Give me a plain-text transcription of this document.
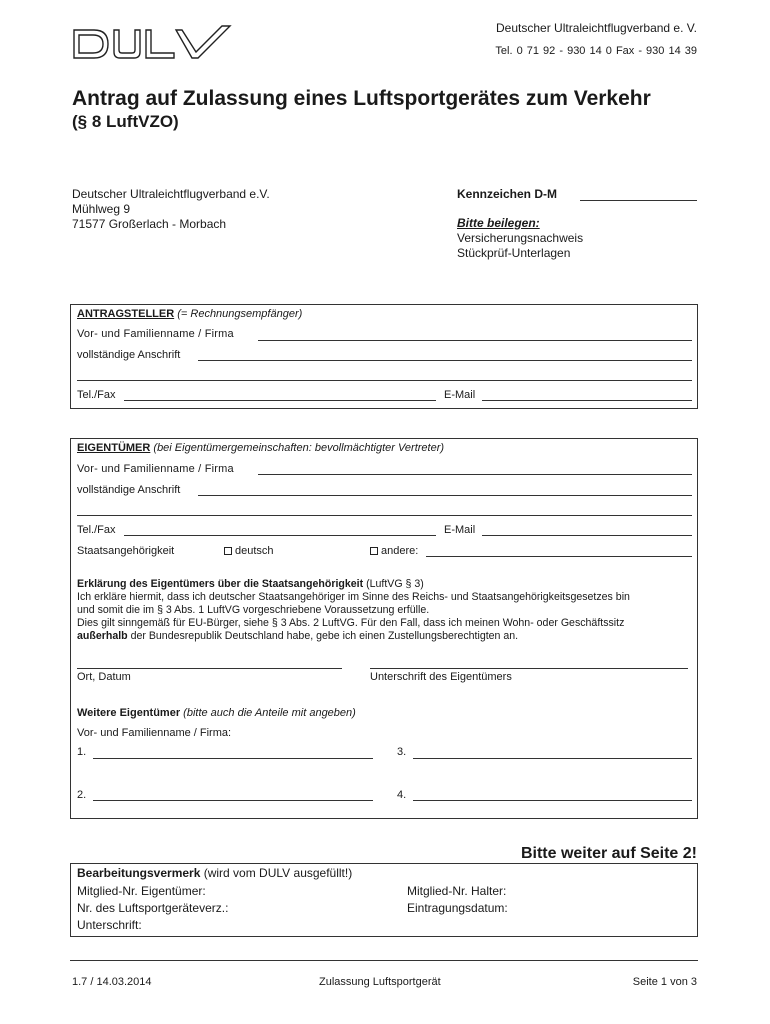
Deutscher Ultraleichtflugverband e. V.
Tel. 0 71 92 - 930 14 0 Fax - 930 14 39
Antrag auf Zulassung eines Luftsportgerätes zum Verkehr
(§ 8 LuftVZO)
Deutscher Ultraleichtflugverband e.V.
Mühlweg 9
71577 Großerlach - Morbach
Kennzeichen D-M
Bitte beilegen:
Versicherungsnachweis
Stückprüf-Unterlagen
ANTRAGSTELLER (= Rechnungsempfänger)
Vor- und Familienname / Firma
vollständige Anschrift
Tel./Fax	E-Mail
EIGENTÜMER (bei Eigentümergemeinschaften: bevollmächtigter Vertreter)
Vor- und Familienname / Firma
vollständige Anschrift
Tel./Fax	E-Mail
Staatsangehörigkeit	deutsch	andere:
Erklärung des Eigentümers über die Staatsangehörigkeit (LuftVG § 3)
Ich erkläre hiermit, dass ich deutscher Staatsangehöriger im Sinne des Reichs- und Staatsangehörigkeitsgesetzes bin
und somit die im § 3 Abs. 1 LuftVG vorgeschriebene Voraussetzung erfülle.
Dies gilt sinngemäß für EU-Bürger, siehe § 3 Abs. 2 LuftVG. Für den Fall, dass ich meinen Wohn- oder Geschäftssitz
außerhalb der Bundesrepublik Deutschland habe, gebe ich einen Zustellungsberechtigten an.
Ort, Datum	Unterschrift des Eigentümers
Weitere Eigentümer (bitte auch die Anteile mit angeben)
Vor- und Familienname / Firma:
1.	3.
2.	4.
Bitte weiter auf Seite 2!
Bearbeitungsvermerk (wird vom DULV ausgefüllt!)
Mitglied-Nr. Eigentümer:	Mitglied-Nr. Halter:
Nr. des Luftsportgeräteverz.:	Eintragungsdatum:
Unterschrift:
1.7 / 14.03.2014	Zulassung Luftsportgerät	Seite 1 von 3
